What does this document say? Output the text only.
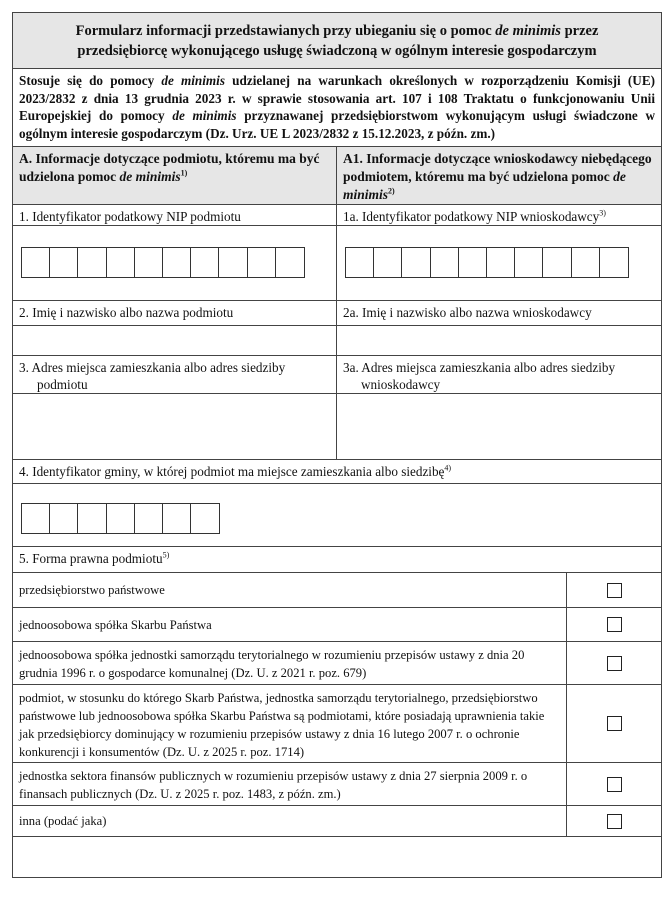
Formularz informacji przedstawianych przy ubieganiu się o pomoc de minimis przez
przedsiębiorcę wykonującego usługę świadczoną w ogólnym interesie gospodarczym
Stosuje się do pomocy de minimis udzielanej na warunkach określonych w rozporządzeniu Komisji (UE) 2023/2832 z dnia 13 grudnia 2023 r. w sprawie stosowania art. 107 i 108 Traktatu o funkcjonowaniu Unii Europejskiej do pomocy de minimis przyznawanej przedsiębiorstwom wykonującym usługi świadczone w ogólnym interesie gospodarczym (Dz. Urz. UE L 2023/2832 z 15.12.2023, z późn. zm.)
A. Informacje dotyczące podmiotu, któremu ma być udzielona pomoc de minimis$^{1)}$
A1. Informacje dotyczące wnioskodawcy niebędącego podmiotem, któremu ma być udzielona pomoc de minimis$^{2)}$
1. Identyfikator podatkowy NIP podmiotu	1a. Identyfikator podatkowy NIP wnioskodawcy$^{3)}$
2. Imię i nazwisko albo nazwa podmiotu	2a. Imię i nazwisko albo nazwa wnioskodawcy
3. Adres miejsca zamieszkania albo adres siedziby
podmiotu
3a. Adres miejsca zamieszkania albo adres siedziby
wnioskodawcy
4. Identyfikator gminy, w której podmiot ma miejsce zamieszkania albo siedzibę$^{4)}$
5. Forma prawna podmiotu$^{5)}$
przedsiębiorstwo państwowe
jednoosobowa spółka Skarbu Państwa
jednoosobowa spółka jednostki samorządu terytorialnego w rozumieniu przepisów ustawy z dnia 20 grudnia 1996 r. o gospodarce komunalnej (Dz. U. z 2021 r. poz. 679)
podmiot, w stosunku do którego Skarb Państwa, jednostka samorządu terytorialnego, przedsiębiorstwo państwowe lub jednoosobowa spółka Skarbu Państwa są podmiotami, które posiadają uprawnienia takie jak przedsiębiorcy dominujący w rozumieniu przepisów ustawy z dnia 16 lutego 2007 r. o ochronie konkurencji i konsumentów (Dz. U. z 2025 r. poz. 1714)
jednostka sektora finansów publicznych w rozumieniu przepisów ustawy z dnia 27 sierpnia 2009 r. o finansach publicznych (Dz. U. z 2025 r. poz. 1483, z późn. zm.)
inna (podać jaka)
